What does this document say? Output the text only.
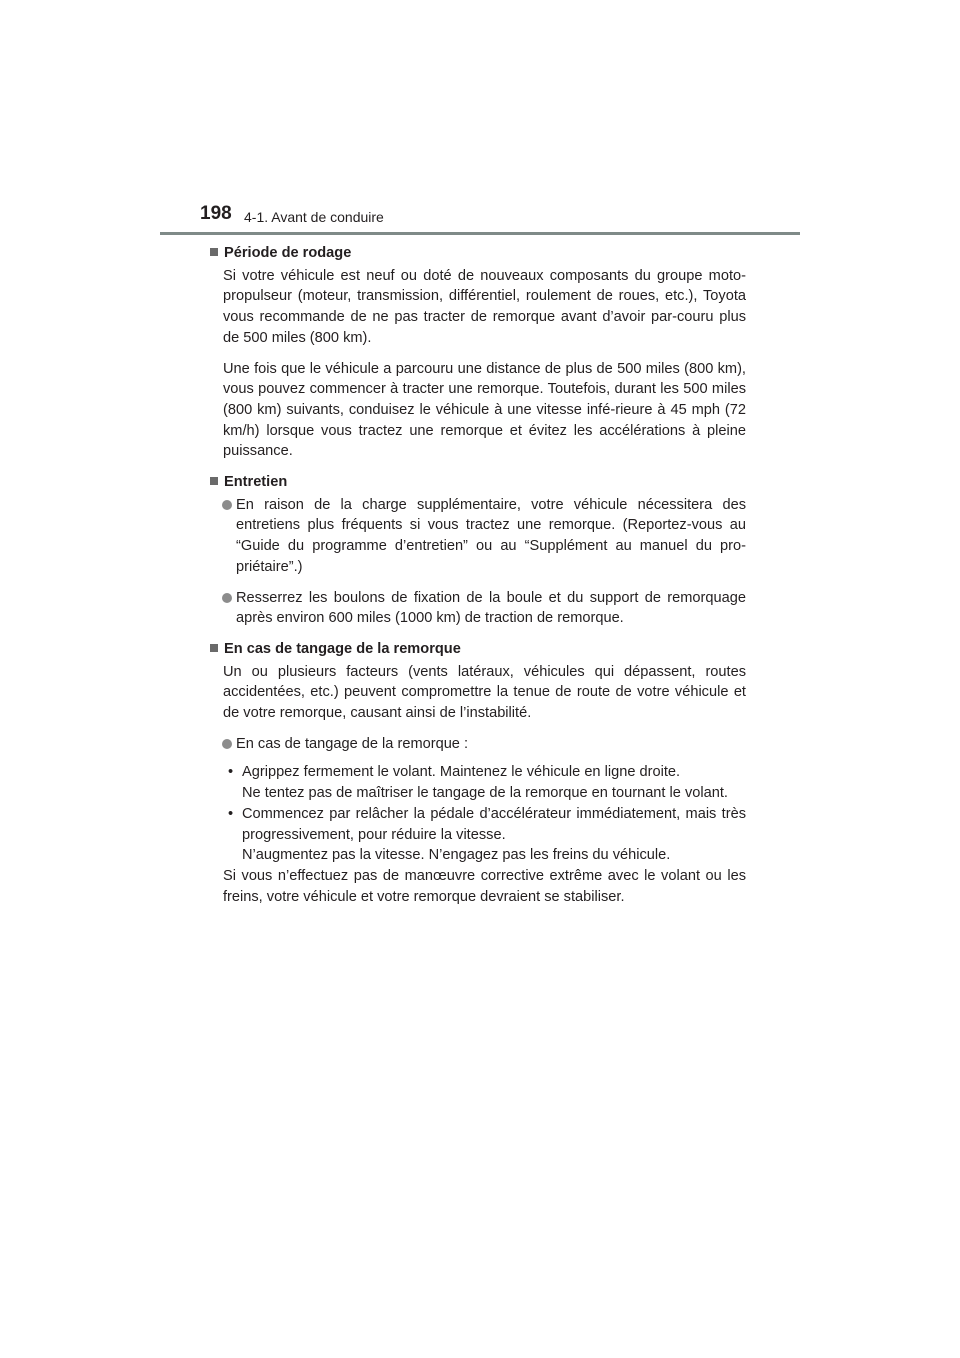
198 4-1. Avant de conduire
Période de rodage
Si votre véhicule est neuf ou doté de nouveaux composants du groupe moto-propulseur (moteur, transmission, différentiel, roulement de roues, etc.), Toyota vous recommande de ne pas tracter de remorque avant d’avoir par-couru plus de 500 miles (800 km).
Une fois que le véhicule a parcouru une distance de plus de 500 miles (800 km), vous pouvez commencer à tracter une remorque. Toutefois, durant les 500 miles (800 km) suivants, conduisez le véhicule à une vitesse infé-rieure à 45 mph (72 km/h) lorsque vous tractez une remorque et évitez les accélérations à pleine puissance.
Entretien
En raison de la charge supplémentaire, votre véhicule nécessitera des entretiens plus fréquents si vous tractez une remorque. (Reportez-vous au “Guide du programme d’entretien” ou au “Supplément au manuel du pro-priétaire”.)
Resserrez les boulons de fixation de la boule et du support de remorquage après environ 600 miles (1000 km) de traction de remorque.
En cas de tangage de la remorque
Un ou plusieurs facteurs (vents latéraux, véhicules qui dépassent, routes accidentées, etc.) peuvent compromettre la tenue de route de votre véhicule et de votre remorque, causant ainsi de l’instabilité.
En cas de tangage de la remorque :
• Agrippez fermement le volant. Maintenez le véhicule en ligne droite.
Ne tentez pas de maîtriser le tangage de la remorque en tournant le volant.
• Commencez par relâcher la pédale d’accélérateur immédiatement, mais très progressivement, pour réduire la vitesse.
N’augmentez pas la vitesse. N’engagez pas les freins du véhicule.
Si vous n’effectuez pas de manœuvre corrective extrême avec le volant ou les freins, votre véhicule et votre remorque devraient se stabiliser.
